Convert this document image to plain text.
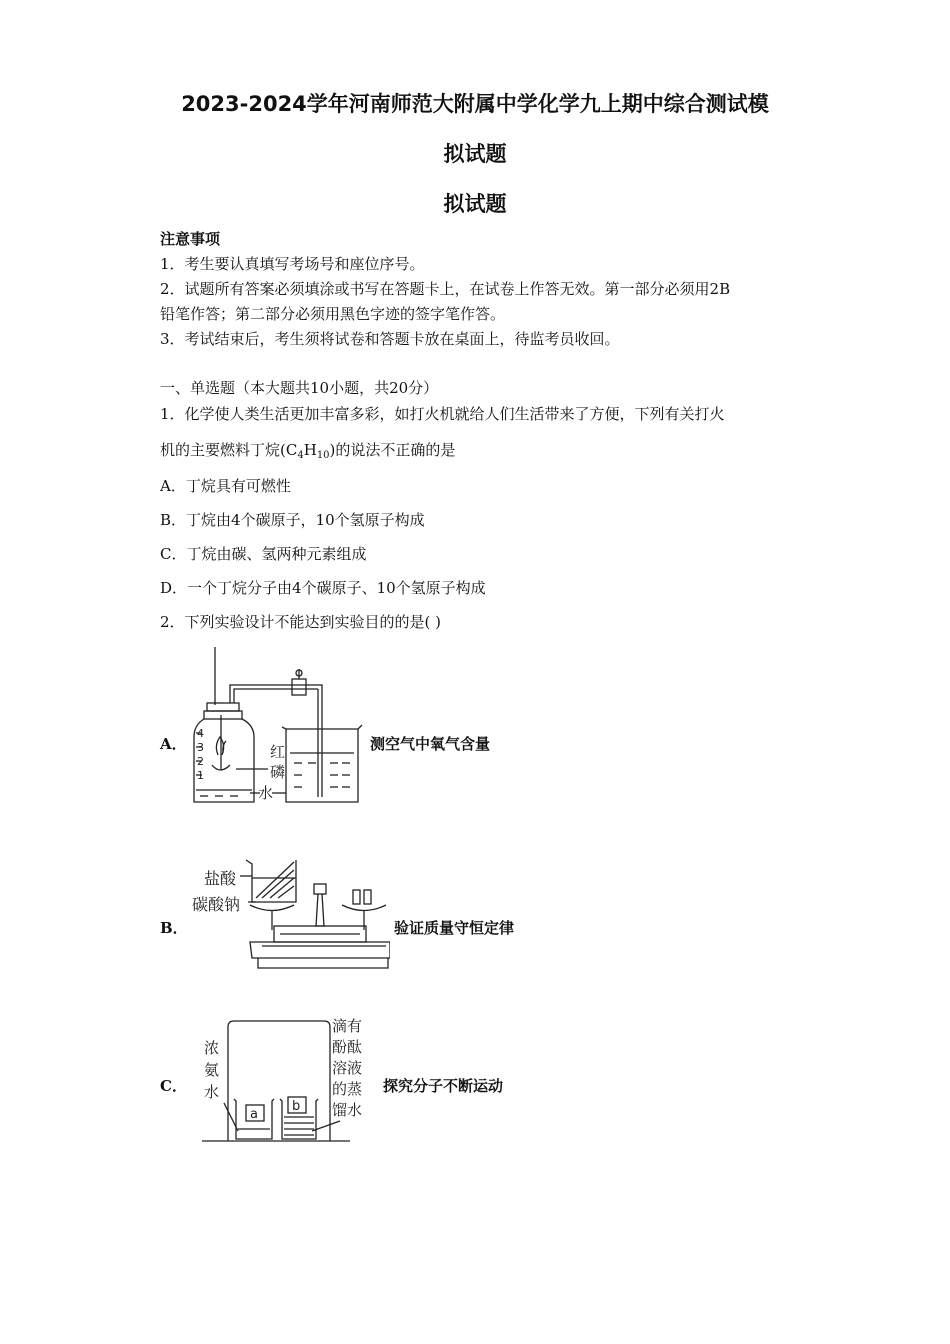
2023-2024学年河南师范大附属中学化学九上期中综合测试模
拟试题
拟试题
注意事项
1．考生要认真填写考场号和座位序号。
2．试题所有答案必须填涂或书写在答题卡上，在试卷上作答无效。第一部分必须用2B
铅笔作答；第二部分必须用黑色字迹的签字笔作答。
3．考试结束后，考生须将试卷和答题卡放在桌面上，待监考员收回。
一、单选题（本大题共10小题，共20分）
1．化学使人类生活更加丰富多彩，如打火机就给人们生活带来了方便，下列有关打火
机的主要燃料丁烷$(C_4H_{10})$的说法不正确的是
A．丁烷具有可燃性
B．丁烷由4个碳原子，10个氢原子构成
C．丁烷由碳、氢两种元素组成
D．一个丁烷分子由4个碳原子、10个氢原子构成
2．下列实验设计不能达到实验目的的是( )
A．
4
3
2
1
红
磷
水
测空气中氧气含量
B．
盐酸
碳酸钠
验证质量守恒定律
C．
浓
氨
水
a
b
滴有
酚酞
溶液
的蒸
馏水
探究分子不断运动
